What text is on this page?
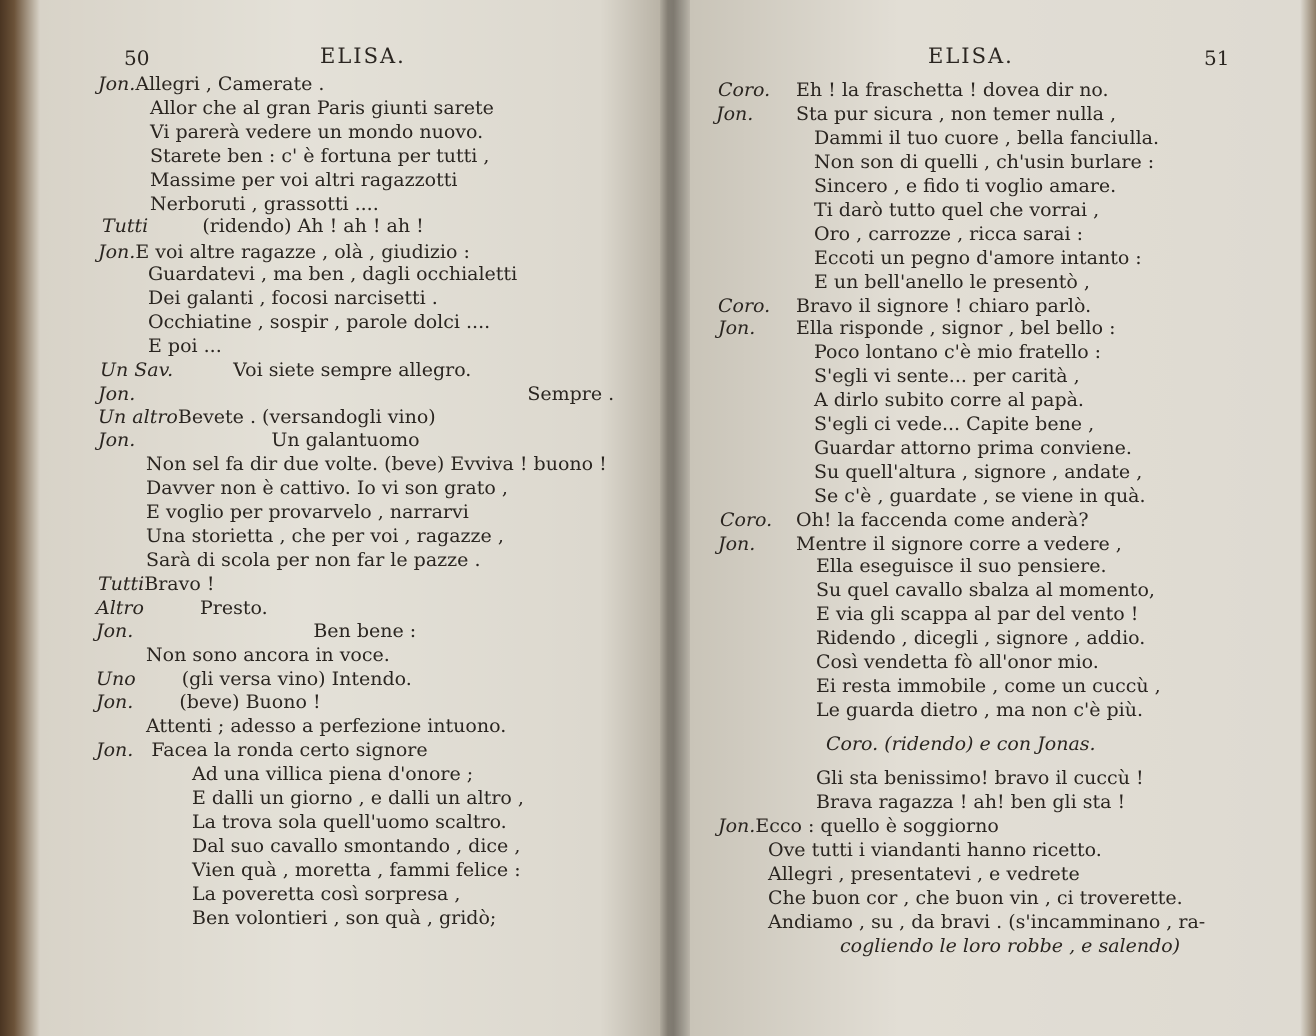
50	ELISA.
Jon.Allegri , Camerate .
Allor che al gran Paris giunti sarete
Vi parerà vedere un mondo nuovo.
Starete ben : c' è fortuna per tutti ,
Massime per voi altri ragazzotti
Nerboruti , grassotti ....
Tutti	(ridendo) Ah ! ah ! ah !
Jon.E voi altre ragazze , olà , giudizio :
Guardatevi , ma ben , dagli occhialetti
Dei galanti , focosi narcisetti .
Occhiatine , sospir , parole dolci ....
E poi ...
Un Sav.	Voi siete sempre allegro.
Jon.	Sempre .
Un altroBevete . (versandogli vino)
Jon.	Un galantuomo
Non sel fa dir due volte. (beve) Evviva ! buono !
Davver non è cattivo. Io vi son grato ,
E voglio per provarvelo , narrarvi
Una storietta , che per voi , ragazze ,
Sarà di scola per non far le pazze .
TuttiBravo !
Altro	Presto.
Jon.	Ben bene :
Non sono ancora in voce.
Uno (gli versa vino) Intendo.
Jon. (beve) Buono !
Attenti ; adesso a perfezione intuono.
Jon. Facea la ronda certo signore
Ad una villica piena d'onore ;
E dalli un giorno , e dalli un altro ,
La trova sola quell'uomo scaltro.
Dal suo cavallo smontando , dice ,
Vien quà , moretta , fammi felice :
La poveretta così sorpresa ,
Ben volontieri , son quà , gridò;
ELISA.	51
Coro. Eh ! la fraschetta ! dovea dir no.
Jon. Sta pur sicura , non temer nulla ,
Dammi il tuo cuore , bella fanciulla.
Non son di quelli , ch'usin burlare :
Sincero , e fido ti voglio amare.
Ti darò tutto quel che vorrai ,
Oro , carrozze , ricca sarai :
Eccoti un pegno d'amore intanto :
E un bell'anello le presentò ,
Coro. Bravo il signore ! chiaro parlò.
Jon. Ella risponde , signor , bel bello :
Poco lontano c'è mio fratello :
S'egli vi sente... per carità ,
A dirlo subito corre al papà.
S'egli ci vede... Capite bene ,
Guardar attorno prima conviene.
Su quell'altura , signore , andate ,
Se c'è , guardate , se viene in quà.
Coro. Oh! la faccenda come anderà?
Jon. Mentre il signore corre a vedere ,
Ella eseguisce il suo pensiere.
Su quel cavallo sbalza al momento,
E via gli scappa al par del vento !
Ridendo , dicegli , signore , addio.
Così vendetta fò all'onor mio.
Ei resta immobile , come un cuccù ,
Le guarda dietro , ma non c'è più.
Coro. (ridendo) e con Jonas.
Gli sta benissimo! bravo il cuccù !
Brava ragazza ! ah! ben gli sta !
Jon.Ecco : quello è soggiorno
Ove tutti i viandanti hanno ricetto.
Allegri , presentatevi , e vedrete
Che buon cor , che buon vin , ci troverette.
Andiamo , su , da bravi . (s'incamminano , ra-
cogliendo le loro robbe , e salendo)
